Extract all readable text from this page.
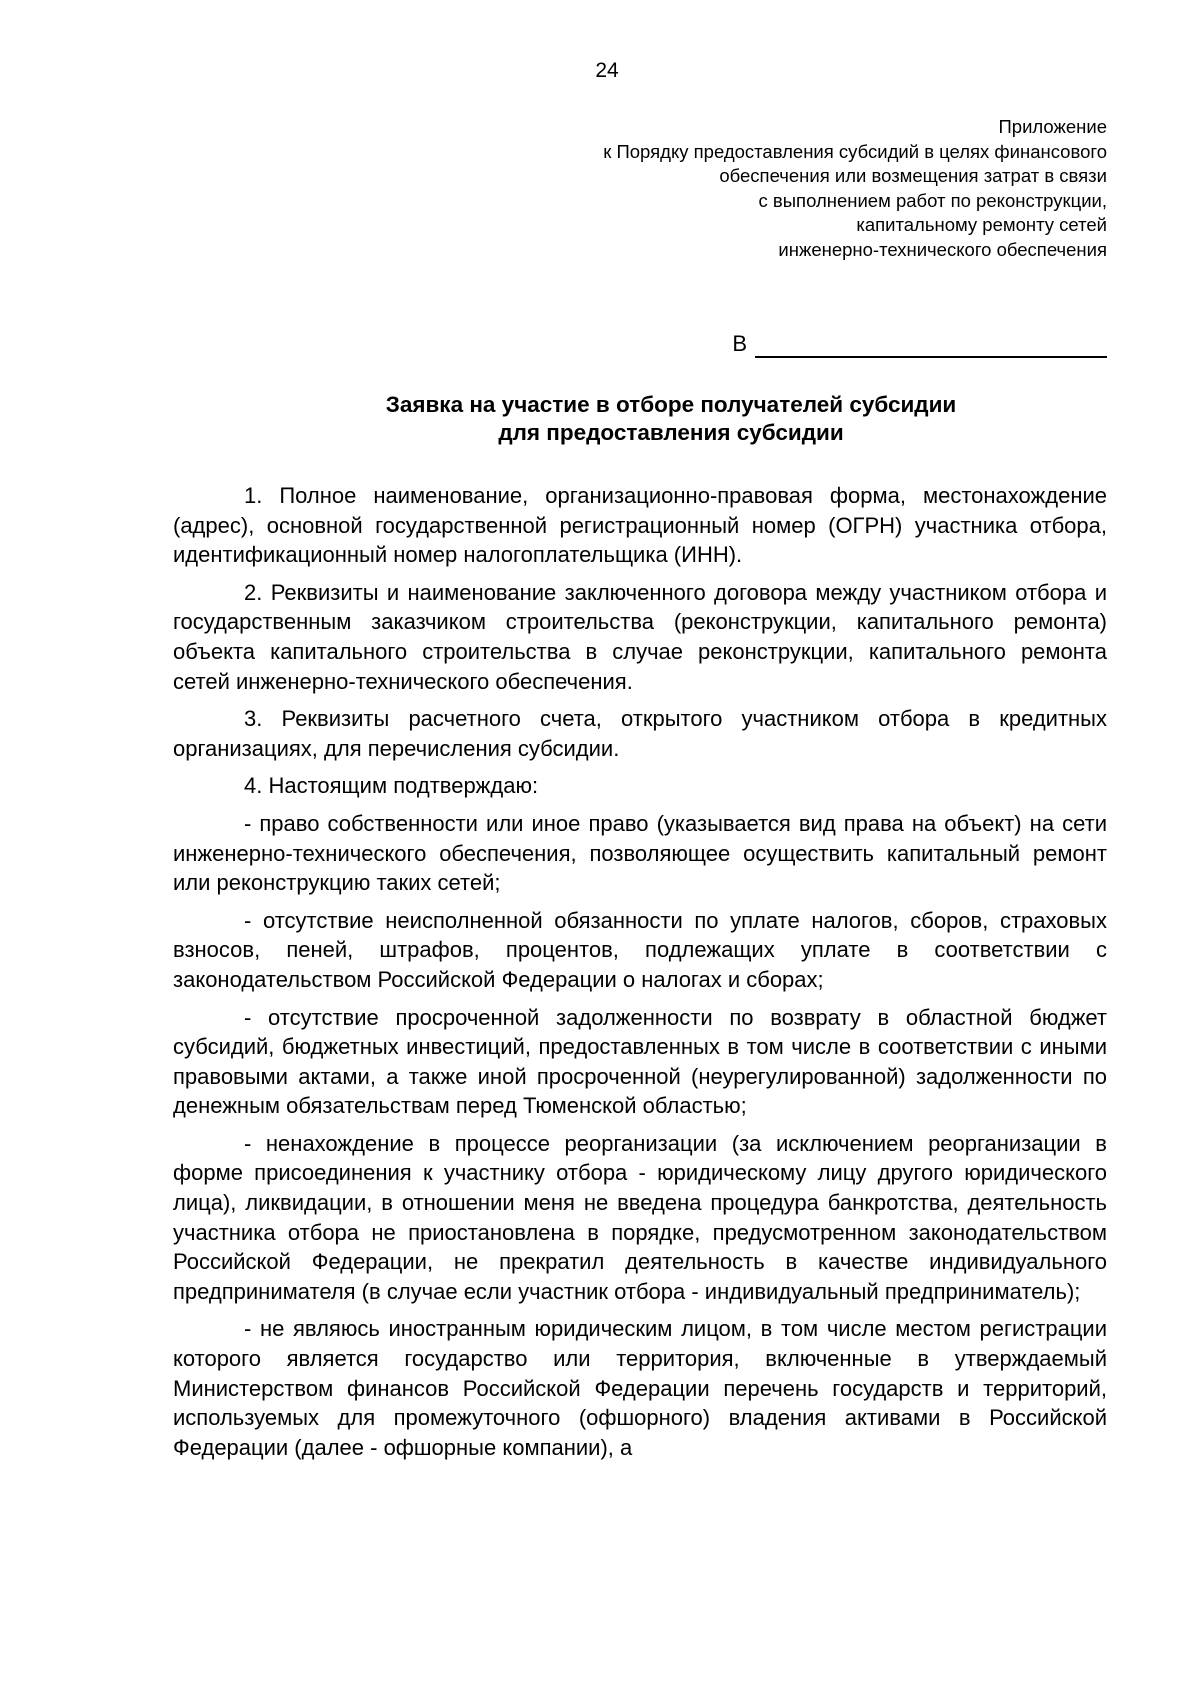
24
Приложение
к Порядку предоставления субсидий в целях финансового
обеспечения или возмещения затрат в связи
с выполнением работ по реконструкции,
капитальному ремонту сетей
инженерно-технического обеспечения
В
Заявка на участие в отборе получателей субсидии
для предоставления субсидии

1. Полное наименование, организационно-правовая форма, местонахождение (адрес), основной государственной регистрационный номер (ОГРН) участника отбора, идентификационный номер налогоплательщика (ИНН).

2. Реквизиты и наименование заключенного договора между участником отбора и государственным заказчиком строительства (реконструкции, капитального ремонта) объекта капитального строительства в случае реконструкции, капитального ремонта сетей инженерно-технического обеспечения.

3. Реквизиты расчетного счета, открытого участником отбора в кредитных организациях, для перечисления субсидии.

4. Настоящим подтверждаю:

- право собственности или иное право (указывается вид права на объект) на сети инженерно-технического обеспечения, позволяющее осуществить капитальный ремонт или реконструкцию таких сетей;

- отсутствие неисполненной обязанности по уплате налогов, сборов, страховых взносов, пеней, штрафов, процентов, подлежащих уплате в соответствии с законодательством Российской Федерации о налогах и сборах;

- отсутствие просроченной задолженности по возврату в областной бюджет субсидий, бюджетных инвестиций, предоставленных в том числе в соответствии с иными правовыми актами, а также иной просроченной (неурегулированной) задолженности по денежным обязательствам перед Тюменской областью;

- ненахождение в процессе реорганизации (за исключением реорганизации в форме присоединения к участнику отбора - юридическому лицу другого юридического лица), ликвидации, в отношении меня не введена процедура банкротства, деятельность участника отбора не приостановлена в порядке, предусмотренном законодательством Российской Федерации, не прекратил деятельность в качестве индивидуального предпринимателя (в случае если участник отбора - индивидуальный предприниматель);

- не являюсь иностранным юридическим лицом, в том числе местом регистрации которого является государство или территория, включенные в утверждаемый Министерством финансов Российской Федерации перечень государств и территорий, используемых для промежуточного (офшорного) владения активами в Российской Федерации (далее - офшорные компании), а
